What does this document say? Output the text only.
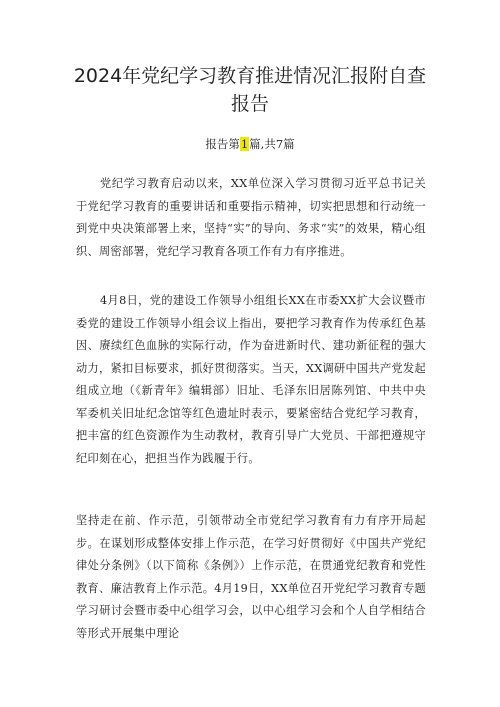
2024年党纪学习教育推进情况汇报附自查
报告
报告第1篇,共7篇

党纪学习教育启动以来，XX单位深入学习贯彻习近平总书记关于党纪学习教育的重要讲话和重要指示精神，切实把思想和行动统一到党中央决策部署上来，坚持“实”的导向、务求“实”的效果，精心组织、周密部署，党纪学习教育各项工作有力有序推进。

4月8日，党的建设工作领导小组组长XX在市委XX扩大会议暨市委党的建设工作领导小组会议上指出，要把学习教育作为传承红色基因、赓续红色血脉的实际行动，作为奋进新时代、建功新征程的强大动力，紧扣目标要求，抓好贯彻落实。当天，XX调研中国共产党发起组成立地（《新青年》编辑部）旧址、毛泽东旧居陈列馆、中共中央军委机关旧址纪念馆等红色遗址时表示，要紧密结合党纪学习教育，把丰富的红色资源作为生动教材，教育引导广大党员、干部把遵规守纪印刻在心，把担当作为践履于行。

坚持走在前、作示范，引领带动全市党纪学习教育有力有序开局起步。在谋划形成整体安排上作示范，在学习好贯彻好《中国共产党纪律处分条例》（以下简称《条例》）上作示范，在贯通党纪教育和党性教育、廉洁教育上作示范。4月19日，XX单位召开党纪学习教育专题学习研讨会暨市委中心组学习会，以中心组学习会和个人自学相结合等形式开展集中理论
